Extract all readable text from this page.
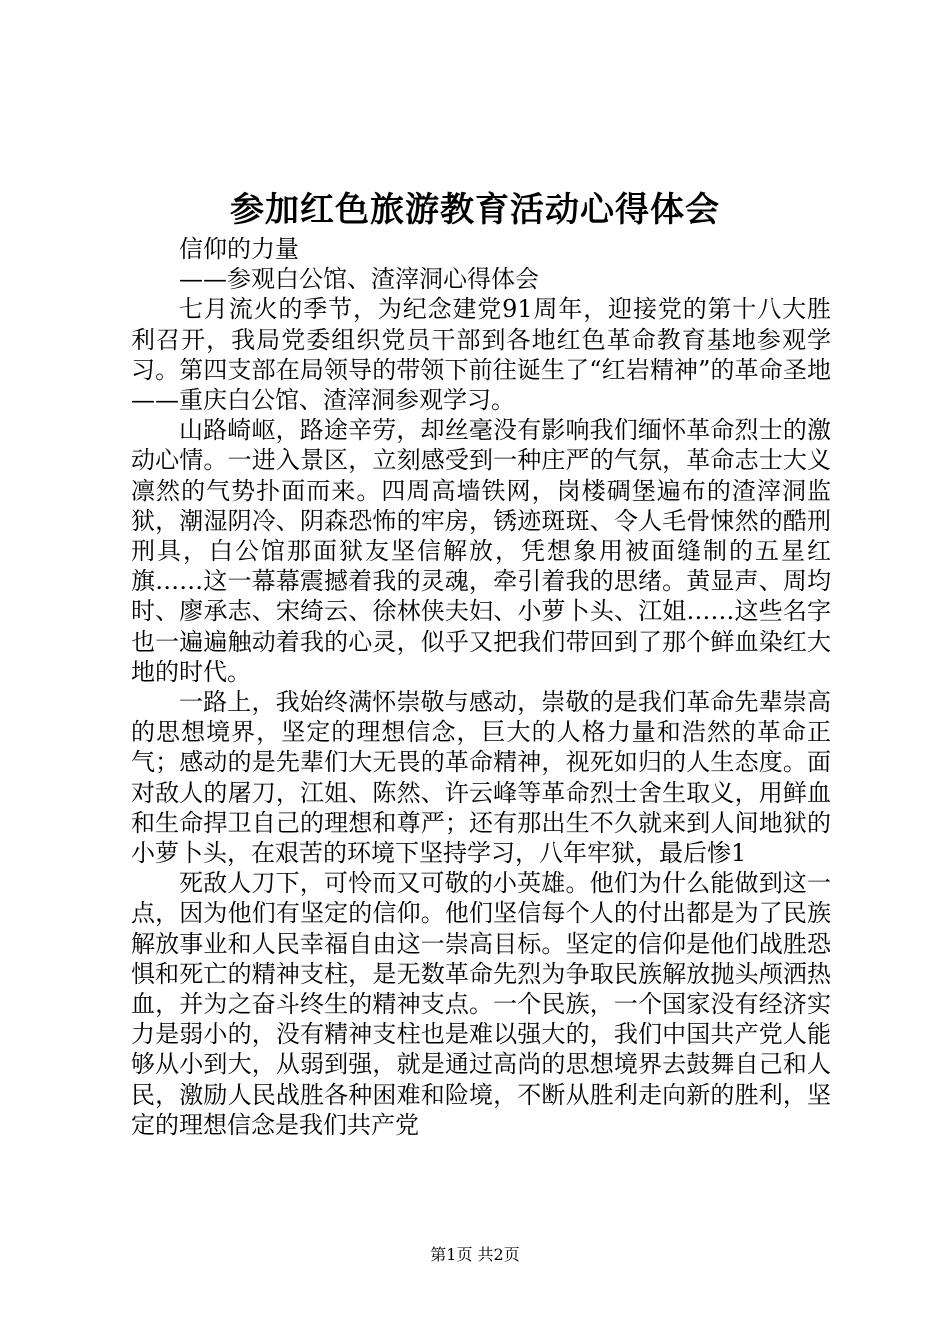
参加红色旅游教育活动心得体会

信仰的力量

——参观白公馆、渣滓洞心得体会

七月流火的季节，为纪念建党91周年，迎接党的第十八大胜利召开，我局党委组织党员干部到各地红色革命教育基地参观学习。第四支部在局领导的带领下前往诞生了“红岩精神”的革命圣地——重庆白公馆、渣滓洞参观学习。

山路崎岖，路途辛劳，却丝毫没有影响我们缅怀革命烈士的激动心情。一进入景区，立刻感受到一种庄严的气氛，革命志士大义凛然的气势扑面而来。四周高墙铁网，岗楼碉堡遍布的渣滓洞监狱，潮湿阴冷、阴森恐怖的牢房，锈迹斑斑、令人毛骨悚然的酷刑刑具，白公馆那面狱友坚信解放，凭想象用被面缝制的五星红旗……这一幕幕震撼着我的灵魂，牵引着我的思绪。黄显声、周均时、廖承志、宋绮云、徐林侠夫妇、小萝卜头、江姐……这些名字也一遍遍触动着我的心灵，似乎又把我们带回到了那个鲜血染红大地的时代。

一路上，我始终满怀崇敬与感动，崇敬的是我们革命先辈崇高的思想境界，坚定的理想信念，巨大的人格力量和浩然的革命正气；感动的是先辈们大无畏的革命精神，视死如归的人生态度。面对敌人的屠刀，江姐、陈然、许云峰等革命烈士舍生取义，用鲜血和生命捍卫自己的理想和尊严；还有那出生不久就来到人间地狱的小萝卜头，在艰苦的环境下坚持学习，八年牢狱，最后惨1

死敌人刀下，可怜而又可敬的小英雄。他们为什么能做到这一点，因为他们有坚定的信仰。他们坚信每个人的付出都是为了民族解放事业和人民幸福自由这一崇高目标。坚定的信仰是他们战胜恐惧和死亡的精神支柱，是无数革命先烈为争取民族解放抛头颅洒热血，并为之奋斗终生的精神支点。一个民族，一个国家没有经济实力是弱小的，没有精神支柱也是难以强大的，我们中国共产党人能够从小到大，从弱到强，就是通过高尚的思想境界去鼓舞自己和人民，激励人民战胜各种困难和险境，不断从胜利走向新的胜利，坚定的理想信念是我们共产党

第1页 共2页
